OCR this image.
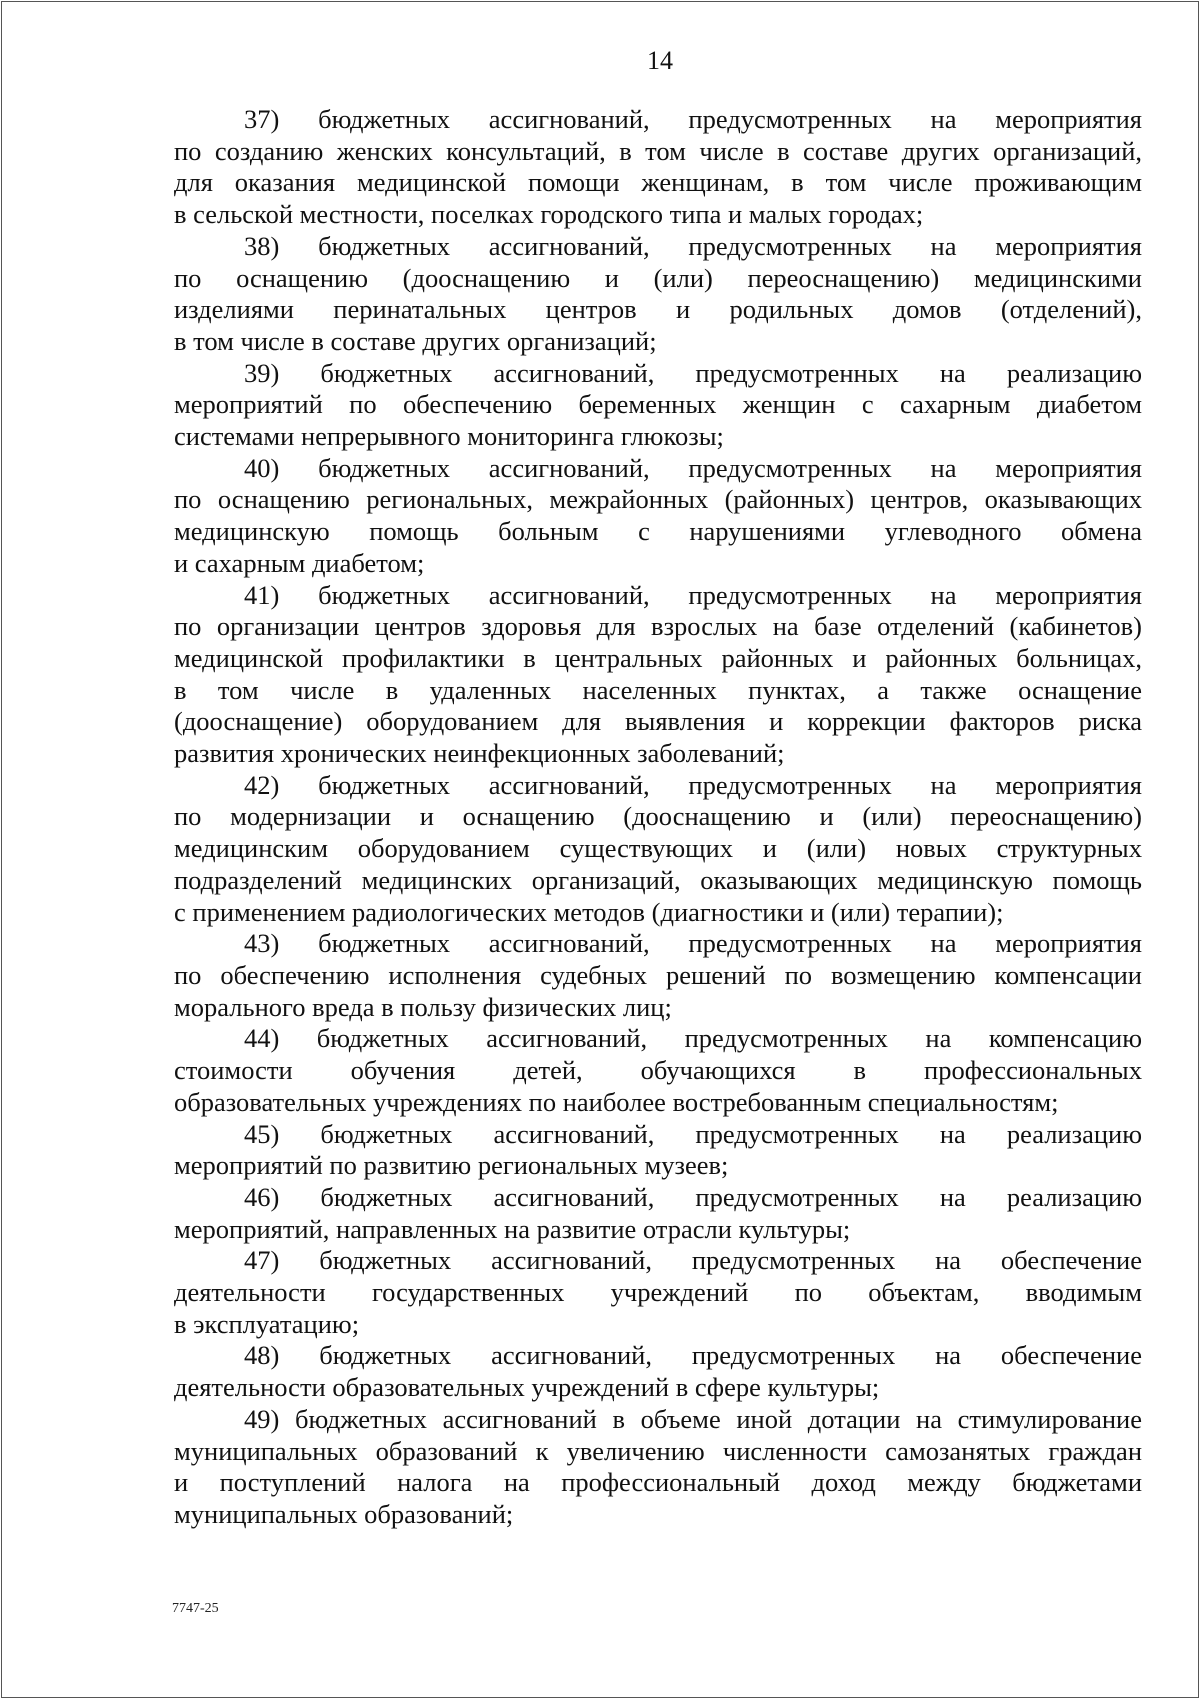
14
37) бюджетных ассигнований, предусмотренных на мероприятия
по созданию женских консультаций, в том числе в составе других организаций,
для оказания медицинской помощи женщинам, в том числе проживающим
в сельской местности, поселках городского типа и малых городах;
38) бюджетных ассигнований, предусмотренных на мероприятия
по оснащению (дооснащению и (или) переоснащению) медицинскими
изделиями перинатальных центров и родильных домов (отделений),
в том числе в составе других организаций;
39) бюджетных ассигнований, предусмотренных на реализацию
мероприятий по обеспечению беременных женщин с сахарным диабетом
системами непрерывного мониторинга глюкозы;
40) бюджетных ассигнований, предусмотренных на мероприятия
по оснащению региональных, межрайонных (районных) центров, оказывающих
медицинскую помощь больным с нарушениями углеводного обмена
и сахарным диабетом;
41) бюджетных ассигнований, предусмотренных на мероприятия
по организации центров здоровья для взрослых на базе отделений (кабинетов)
медицинской профилактики в центральных районных и районных больницах,
в том числе в удаленных населенных пунктах, а также оснащение
(дооснащение) оборудованием для выявления и коррекции факторов риска
развития хронических неинфекционных заболеваний;
42) бюджетных ассигнований, предусмотренных на мероприятия
по модернизации и оснащению (дооснащению и (или) переоснащению)
медицинским оборудованием существующих и (или) новых структурных
подразделений медицинских организаций, оказывающих медицинскую помощь
с применением радиологических методов (диагностики и (или) терапии);
43) бюджетных ассигнований, предусмотренных на мероприятия
по обеспечению исполнения судебных решений по возмещению компенсации
морального вреда в пользу физических лиц;
44) бюджетных ассигнований, предусмотренных на компенсацию
стоимости обучения детей, обучающихся в профессиональных
образовательных учреждениях по наиболее востребованным специальностям;
45) бюджетных ассигнований, предусмотренных на реализацию
мероприятий по развитию региональных музеев;
46) бюджетных ассигнований, предусмотренных на реализацию
мероприятий, направленных на развитие отрасли культуры;
47) бюджетных ассигнований, предусмотренных на обеспечение
деятельности государственных учреждений по объектам, вводимым
в эксплуатацию;
48) бюджетных ассигнований, предусмотренных на обеспечение
деятельности образовательных учреждений в сфере культуры;
49) бюджетных ассигнований в объеме иной дотации на стимулирование
муниципальных образований к увеличению численности самозанятых граждан
и поступлений налога на профессиональный доход между бюджетами
муниципальных образований;
7747-25
